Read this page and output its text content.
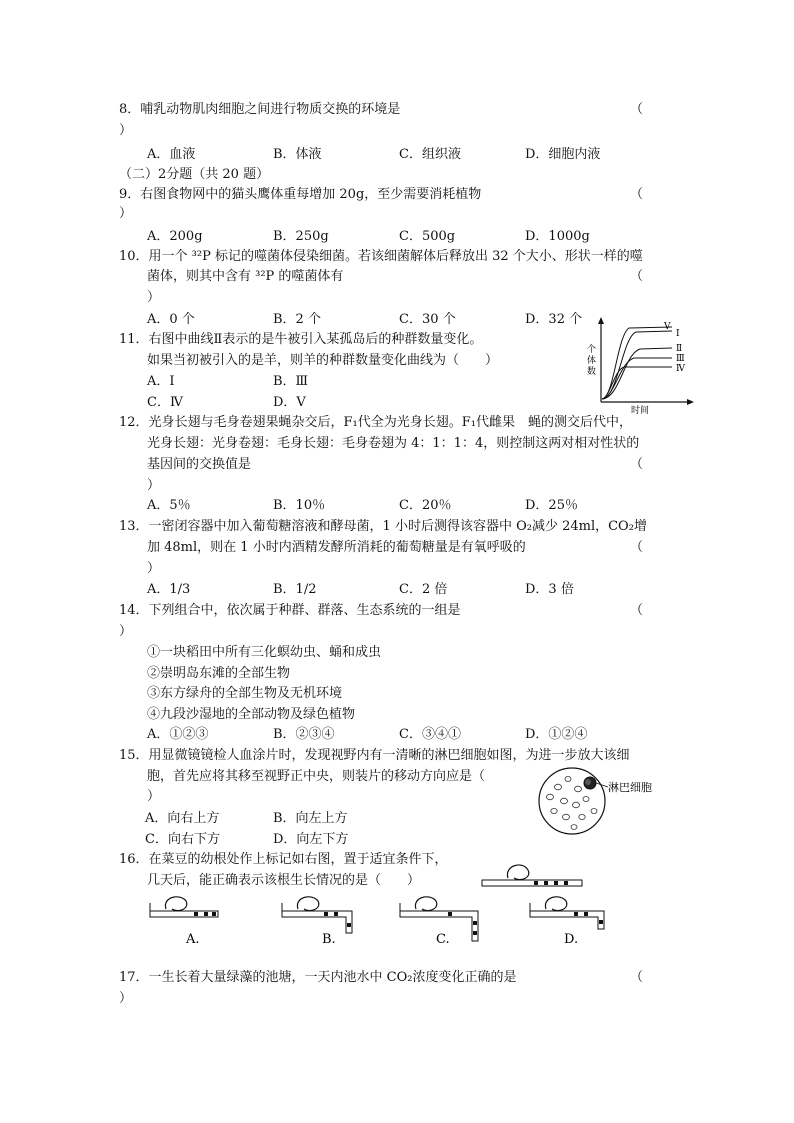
8．哺乳动物肌肉细胞之间进行物质交换的环境是	（
）
A．血液	B．体液	C．组织液	D．细胞内液
（二）2分题（共 20 题）
9．右图食物网中的猫头鹰体重每增加 20g，至少需要消耗植物	（
）
A．200g	B．250g	C．500g	D．1000g
10．用一个 ³²P 标记的噬菌体侵染细菌。若该细菌解体后释放出 32 个大小、形状一样的噬
菌体，则其中含有 ³²P 的噬菌体有	（
）
A．0 个	B．2 个	C．30 个	D．32 个
11．右图中曲线Ⅱ表示的是牛被引入某孤岛后的种群数量变化。
如果当初被引入的是羊，则羊的种群数量变化曲线为（　　）
A．Ⅰ	B．Ⅲ
C．Ⅳ	D．Ⅴ
Ⅴ
Ⅰ
Ⅱ
Ⅲ
Ⅳ
个
体
数
时间
12．光身长翅与毛身卷翅果蝇杂交后，F₁代全为光身长翅。F₁代雌果　蝇的测交后代中，
光身长翅：光身卷翅：毛身长翅：毛身卷翅为 4：1：1：4，则控制这两对相对性状的
基因间的交换值是	（
）
A．5％	B．10％	C．20％	D．25％
13．一密闭容器中加入葡萄糖溶液和酵母菌，1 小时后测得该容器中 O₂减少 24ml，CO₂增
加 48ml，则在 1 小时内酒精发酵所消耗的葡萄糖量是有氧呼吸的	（
）
A．1/3	B．1/2	C．2 倍	D．3 倍
14．下列组合中，依次属于种群、群落、生态系统的一组是	（
）
①一块稻田中所有三化螟幼虫、蛹和成虫
②崇明岛东滩的全部生物
③东方绿舟的全部生物及无机环境
④九段沙湿地的全部动物及绿色植物
A．①②③	B．②③④	C．③④①	D．①②④
15．用显微镜镜检人血涂片时，发现视野内有一清晰的淋巴细胞如图，为进一步放大该细
胞，首先应将其移至视野正中央，则装片的移动方向应是（
）
A．向右上方	B．向左上方
C．向右下方	D．向左下方
淋巴细胞
16．在菜豆的幼根处作上标记如右图，置于适宜条件下，
几天后，能正确表示该根生长情况的是（　　）
A.	B.	C.	D.
17．一生长着大量绿藻的池塘，一天内池水中 CO₂浓度变化正确的是	（
）
